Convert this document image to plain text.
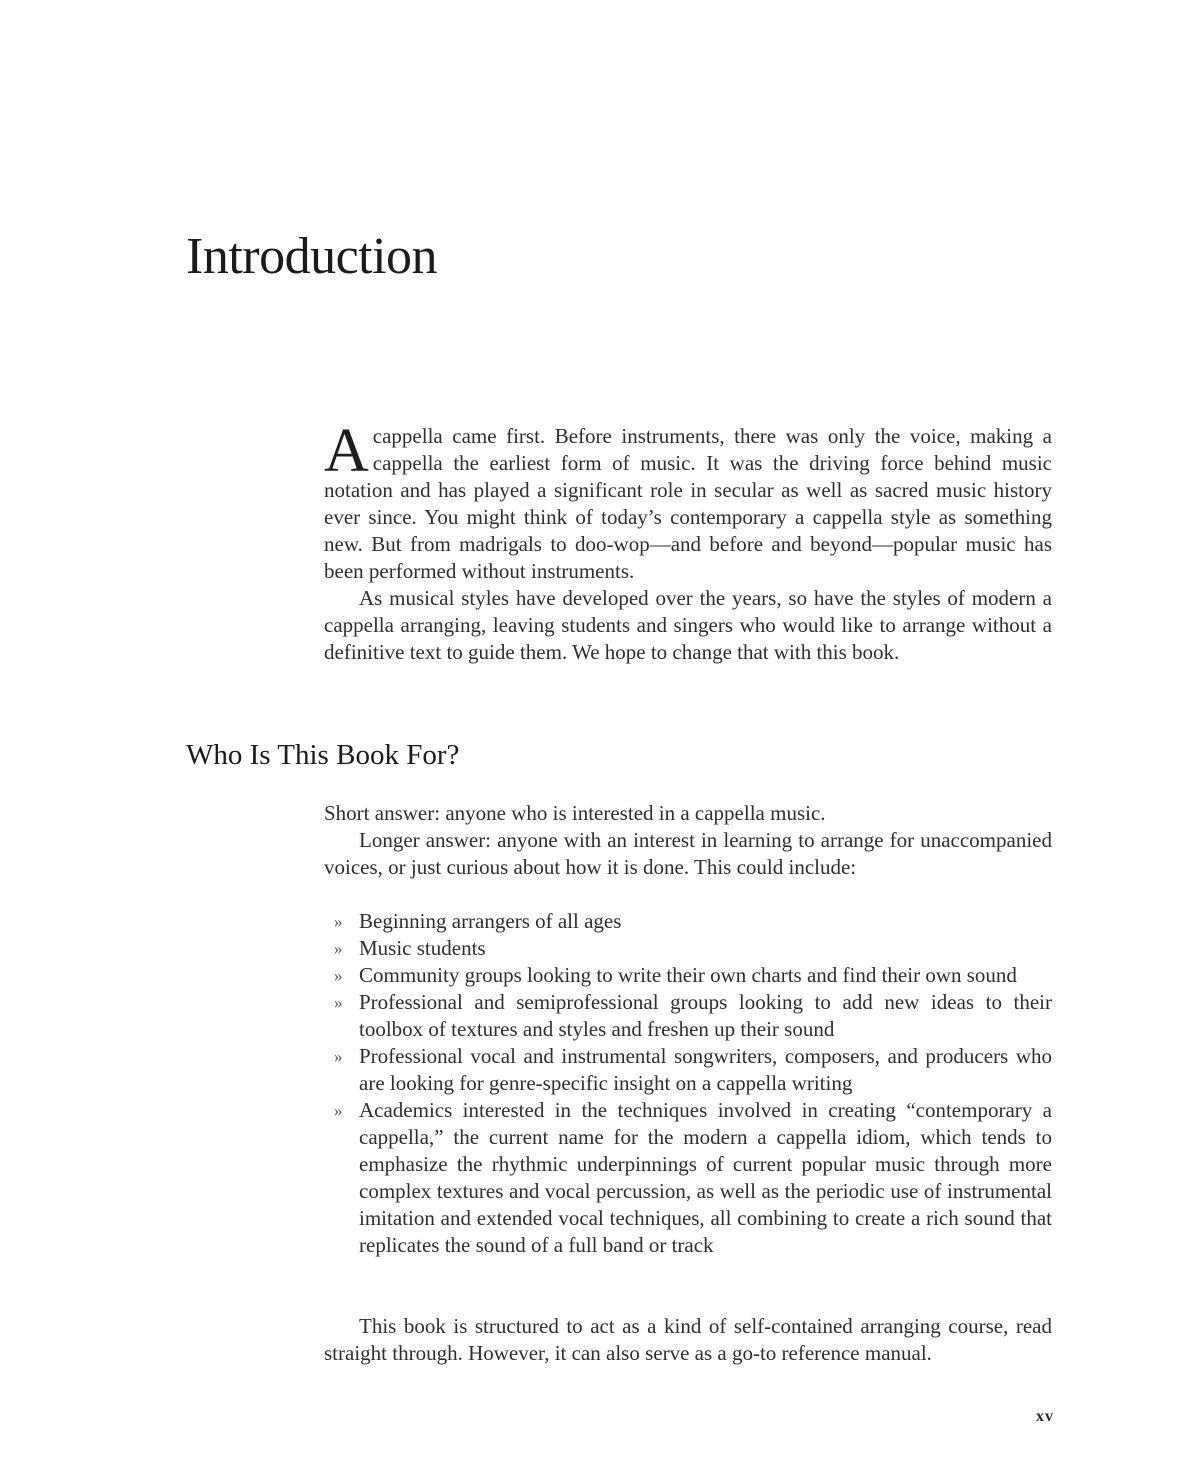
Introduction

Acappella came first. Before instruments, there was only the voice, making a cappella the earliest form of music. It was the driving force behind music notation and has played a significant role in secular as well as sacred music history ever since. You might think of today’s contemporary a cappella style as something new. But from madrigals to doo-wop—and before and beyond—popular music has been performed without instruments.

As musical styles have developed over the years, so have the styles of modern a cappella arranging, leaving students and singers who would like to arrange without a definitive text to guide them. We hope to change that with this book.

Who Is This Book For?

Short answer: anyone who is interested in a cappella music.

Longer answer: anyone with an interest in learning to arrange for unaccompanied voices, or just curious about how it is done. This could include:

» Beginning arrangers of all ages
» Music students
» Community groups looking to write their own charts and find their own sound
» Professional and semiprofessional groups looking to add new ideas to their toolbox of textures and styles and freshen up their sound
» Professional vocal and instrumental songwriters, composers, and producers who are looking for genre-specific insight on a cappella writing
» Academics interested in the techniques involved in creating “contemporary a cappella,” the current name for the modern a cappella idiom, which tends to emphasize the rhythmic underpinnings of current popular music through more complex textures and vocal percussion, as well as the periodic use of instrumental imitation and extended vocal techniques, all combining to create a rich sound that replicates the sound of a full band or track

This book is structured to act as a kind of self-contained arranging course, read straight through. However, it can also serve as a go-to reference manual.

xv
